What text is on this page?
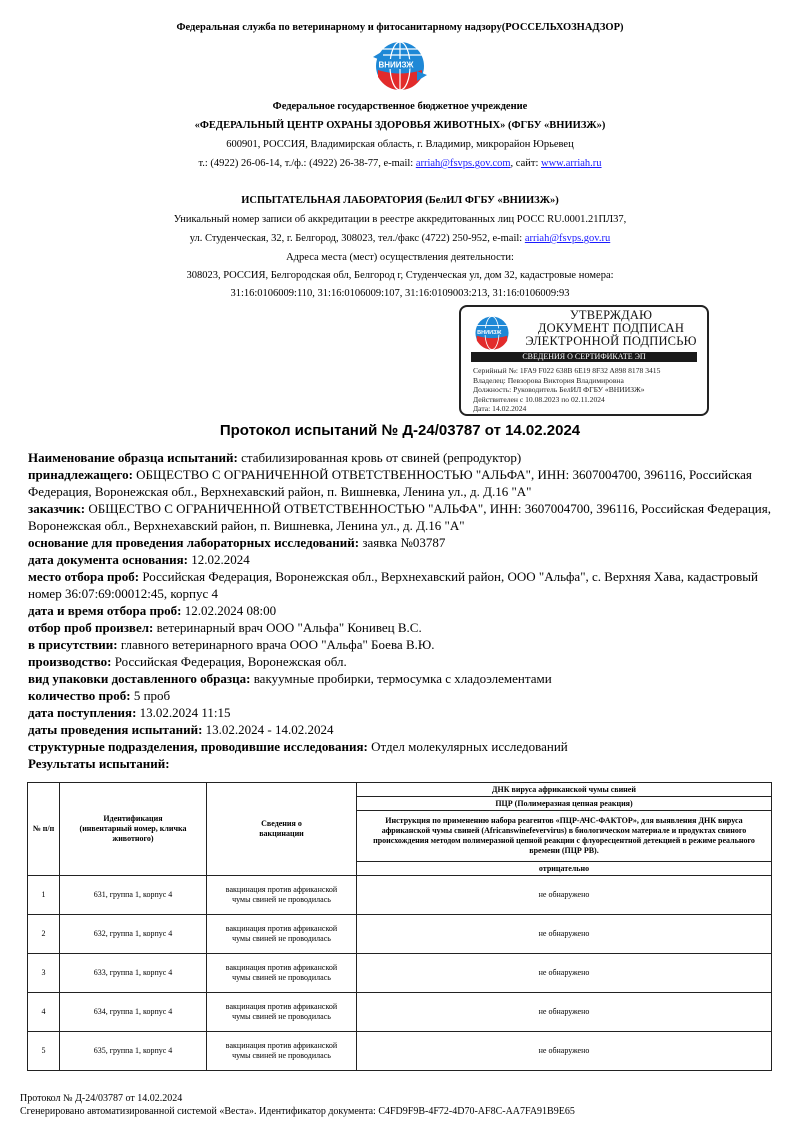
Федеральная служба по ветеринарному и фитосанитарному надзору(РОССЕЛЬХОЗНАДЗОР)
ВНИИЗЖ
Федеральное государственное бюджетное учреждение
«ФЕДЕРАЛЬНЫЙ ЦЕНТР ОХРАНЫ ЗДОРОВЬЯ ЖИВОТНЫХ» (ФГБУ «ВНИИЗЖ»)
600901, РОССИЯ, Владимирская область, г. Владимир, микрорайон Юрьевец
т.: (4922) 26-06-14, т./ф.: (4922) 26-38-77, e-mail: arriah@fsvps.gov.com, сайт: www.arriah.ru
ИСПЫТАТЕЛЬНАЯ ЛАБОРАТОРИЯ (БелИЛ ФГБУ «ВНИИЗЖ»)
Уникальный номер записи об аккредитации в реестре аккредитованных лиц РОСС RU.0001.21ПЛ37,
ул. Студенческая, 32, г. Белгород, 308023, тел./факс (4722) 250-952, e-mail: arriah@fsvps.gov.ru
Адреса места (мест) осуществления деятельности:
308023, РОССИЯ, Белгородская обл, Белгород г, Студенческая ул, дом 32, кадастровые номера:
31:16:0106009:110, 31:16:0106009:107, 31:16:0109003:213, 31:16:0106009:93
ВНИИЗЖ
УТВЕРЖДАЮ
ДОКУМЕНТ ПОДПИСАН
ЭЛЕКТРОННОЙ ПОДПИСЬЮ
СВЕДЕНИЯ О СЕРТИФИКАТЕ ЭП
Серийный №: 1FA9 F022 638B 6E19 8F32 A898 8178 3415
Владелец: Певзорова Виктория Владимировна
Должность: Руководитель БелИЛ ФГБУ «ВНИИЗЖ»
Действителен с 10.08.2023 по 02.11.2024
Дата: 14.02.2024
Протокол испытаний № Д-24/03787 от 14.02.2024
Наименование образца испытаний: стабилизированная кровь от свиней (репродуктор)
принадлежащего: ОБЩЕСТВО С ОГРАНИЧЕННОЙ ОТВЕТСТВЕННОСТЬЮ "АЛЬФА", ИНН: 3607004700, 396116, Российская Федерация, Воронежская обл., Верхнехавский район, п. Вишневка, Ленина ул., д. Д.16 "А"
заказчик: ОБЩЕСТВО С ОГРАНИЧЕННОЙ ОТВЕТСТВЕННОСТЬЮ "АЛЬФА", ИНН: 3607004700, 396116, Российская Федерация, Воронежская обл., Верхнехавский район, п. Вишневка, Ленина ул., д. Д.16 "А"
основание для проведения лабораторных исследований: заявка №03787
дата документа основания: 12.02.2024
место отбора проб: Российская Федерация, Воронежская обл., Верхнехавский район, ООО "Альфа", с. Верхняя Хава, кадастровый номер 36:07:69:00012:45, корпус 4
дата и время отбора проб: 12.02.2024 08:00
отбор проб произвел: ветеринарный врач ООО "Альфа" Конивец В.С.
в присутствии: главного ветеринарного врача ООО "Альфа" Боева В.Ю.
производство: Российская Федерация, Воронежская обл.
вид упаковки доставленного образца: вакуумные пробирки, термосумка с хладоэлементами
количество проб: 5 проб
дата поступления: 13.02.2024 11:15
даты проведения испытаний: 13.02.2024 - 14.02.2024
структурные подразделения, проводившие исследования: Отдел молекулярных исследований
Результаты испытаний:
№ п/п	Идентификация (инвентарный номер, кличка животного)	Сведения о вакцинации	ДНК вируса африканской чумы свиней
			ПЦР (Полимеразная цепная реакция)
			Инструкция по применению набора реагентов «ПЦР-АЧС-ФАКТОР», для выявления ДНК вируса африканской чумы свиней (Africanswinefevervirus) в биологическом материале и продуктах свиного происхождения методом полимеразной цепной реакции с флуоресцентной детекцией в режиме реального времени (ПЦР РВ).
			отрицательно
1	631, группа 1, корпус 4	вакцинация против африканской чумы свиней не проводилась	не обнаружено
2	632, группа 1, корпус 4	вакцинация против африканской чумы свиней не проводилась	не обнаружено
3	633, группа 1, корпус 4	вакцинация против африканской чумы свиней не проводилась	не обнаружено
4	634, группа 1, корпус 4	вакцинация против африканской чумы свиней не проводилась	не обнаружено
5	635, группа 1, корпус 4	вакцинация против африканской чумы свиней не проводилась	не обнаружено
Протокол № Д-24/03787 от 14.02.2024
Сгенерировано автоматизированной системой «Веста». Идентификатор документа: C4FD9F9B-4F72-4D70-AF8C-AA7FA91B9E65
